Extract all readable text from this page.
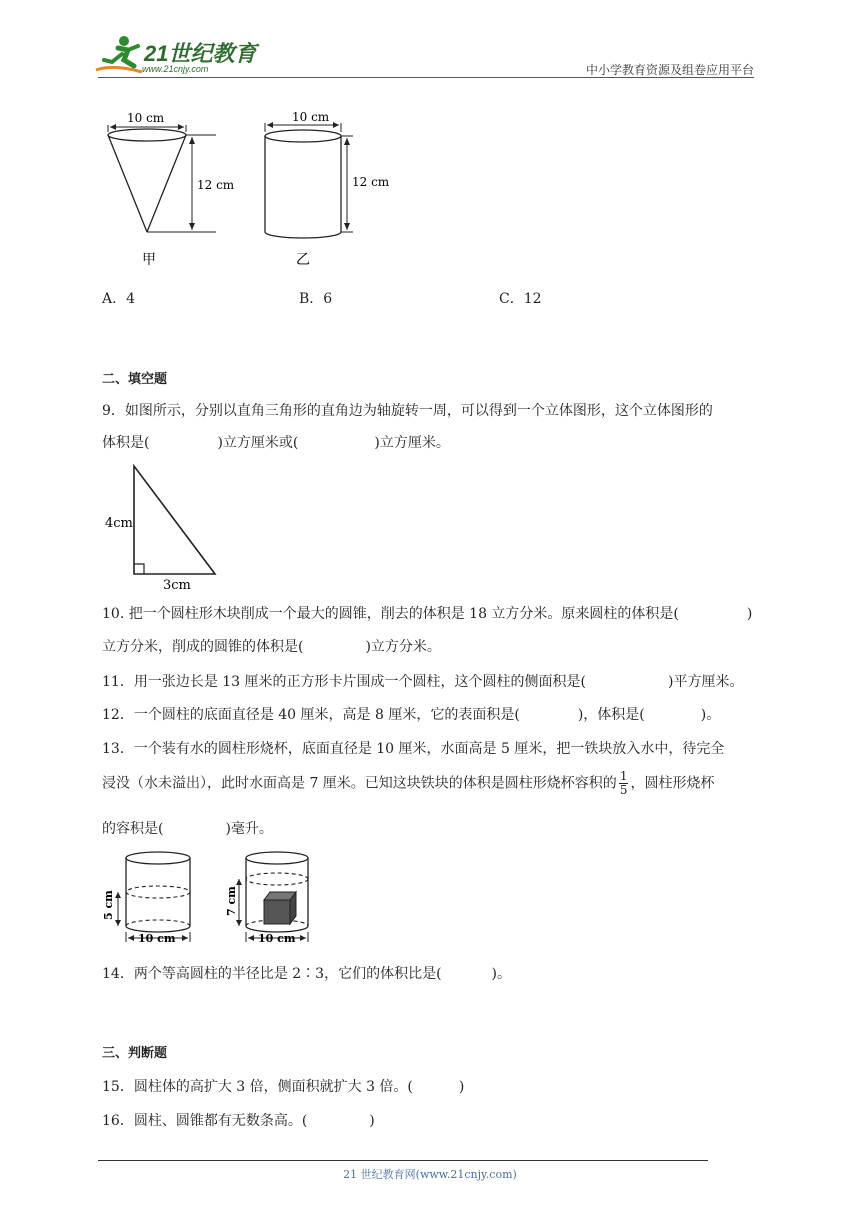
21世纪教育
www.21cnjy.com	中小学教育资源及组卷应用平台
10 cm
12 cm
甲
10 cm
12 cm
乙
A．4	B．6	C．12
二、填空题
9．如图所示，分别以直角三角形的直角边为轴旋转一周，可以得到一个立体图形，这个立体图形的
体积是(	)立方厘米或(	)立方厘米。
4cm
3cm
10. 把一个圆柱形木块削成一个最大的圆锥，削去的体积是 18 立方分米。原来圆柱的体积是(	)
立方分米，削成的圆锥的体积是(	)立方分米。
11．用一张边长是 13 厘米的正方形卡片围成一个圆柱，这个圆柱的侧面积是(	)平方厘米。
12．一个圆柱的底面直径是 40 厘米，高是 8 厘米，它的表面积是(	)，体积是(	)。
13．一个装有水的圆柱形烧杯，底面直径是 10 厘米，水面高是 5 厘米，把一铁块放入水中，待完全
浸没（水未溢出），此时水面高是 7 厘米。已知这块铁块的体积是圆柱形烧杯容积的 $\frac{1}{5}$ ，圆柱形烧杯
的容积是(	)毫升。
5 cm
10 cm
7 cm
10 cm
14．两个等高圆柱的半径比是 2∶3，它们的体积比是(	)。
三、判断题
15．圆柱体的高扩大 3 倍，侧面积就扩大 3 倍。(	)
16．圆柱、圆锥都有无数条高。(	)
21 世纪教育网(www.21cnjy.com)
